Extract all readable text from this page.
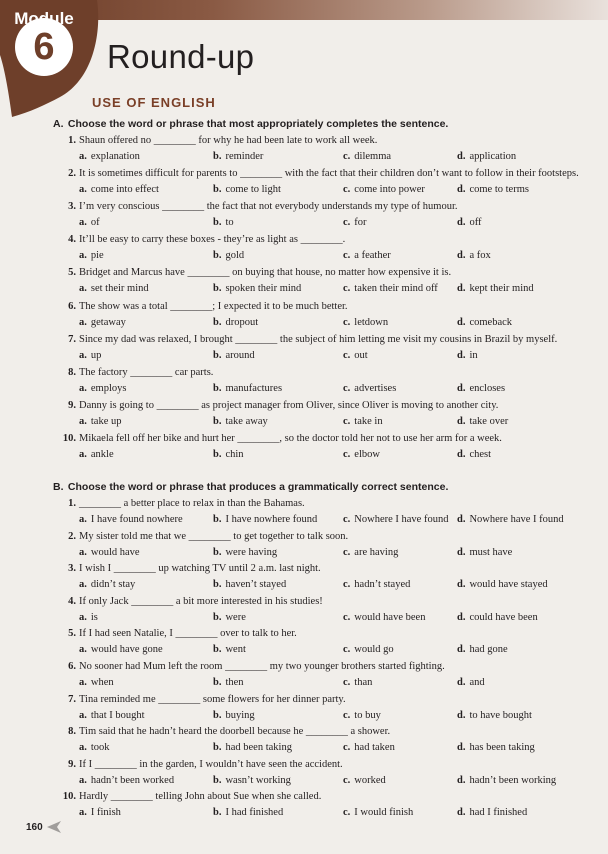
Module
6	Round-up
USE OF ENGLISH
A. Choose the word or phrase that most appropriately completes the sentence.
1. Shaun offered no ________ for why he had been late to work all week.
a. explanation	b. reminder	c. dilemma	d. application
2. It is sometimes difficult for parents to ________ with the fact that their children don’t want to follow in their footsteps.
a. come into effect	b. come to light	c. come into power	d. come to terms
3. I’m very conscious ________ the fact that not everybody understands my type of humour.
a. of	b. to	c. for	d. off
4. It’ll be easy to carry these boxes - they’re as light as ________.
a. pie	b. gold	c. a feather	d. a fox
5. Bridget and Marcus have ________ on buying that house, no matter how expensive it is.
a. set their mind	b. spoken their mind	c. taken their mind off d. kept their mind
6. The show was a total ________; I expected it to be much better.
a. getaway	b. dropout	c. letdown	d. comeback
7. Since my dad was relaxed, I brought ________ the subject of him letting me visit my cousins in Brazil by myself.
a. up	b. around	c. out	d. in
8. The factory ________ car parts.
a. employs	b. manufactures	c. advertises	d. encloses
9. Danny is going to ________ as project manager from Oliver, since Oliver is moving to another city.
a. take up	b. take away	c. take in	d. take over
10. Mikaela fell off her bike and hurt her ________, so the doctor told her not to use her arm for a week.
a. ankle	b. chin	c. elbow	d. chest
B. Choose the word or phrase that produces a grammatically correct sentence.
1. ________ a better place to relax in than the Bahamas.
a. I have found nowhere	b. I have nowhere found c. Nowhere I have found d. Nowhere have I found
2. My sister told me that we ________ to get together to talk soon.
a. would have	b. were having	c. are having	d. must have
3. I wish I ________ up watching TV until 2 a.m. last night.
a. didn’t stay	b. haven’t stayed	c. hadn’t stayed	d. would have stayed
4. If only Jack ________ a bit more interested in his studies!
a. is	b. were	c. would have been	d. could have been
5. If I had seen Natalie, I ________ over to talk to her.
a. would have gone	b. went	c. would go	d. had gone
6. No sooner had Mum left the room ________ my two younger brothers started fighting.
a. when	b. then	c. than	d. and
7. Tina reminded me ________ some flowers for her dinner party.
a. that I bought	b. buying	c. to buy	d. to have bought
8. Tim said that he hadn’t heard the doorbell because he ________ a shower.
a. took	b. had been taking	c. had taken	d. has been taking
9. If I ________ in the garden, I wouldn’t have seen the accident.
a. hadn’t been worked	b. wasn’t working	c. worked	d. hadn’t been working
10. Hardly ________ telling John about Sue when she called.
a. I finish	b. I had finished	c. I would finish	d. had I finished
160
